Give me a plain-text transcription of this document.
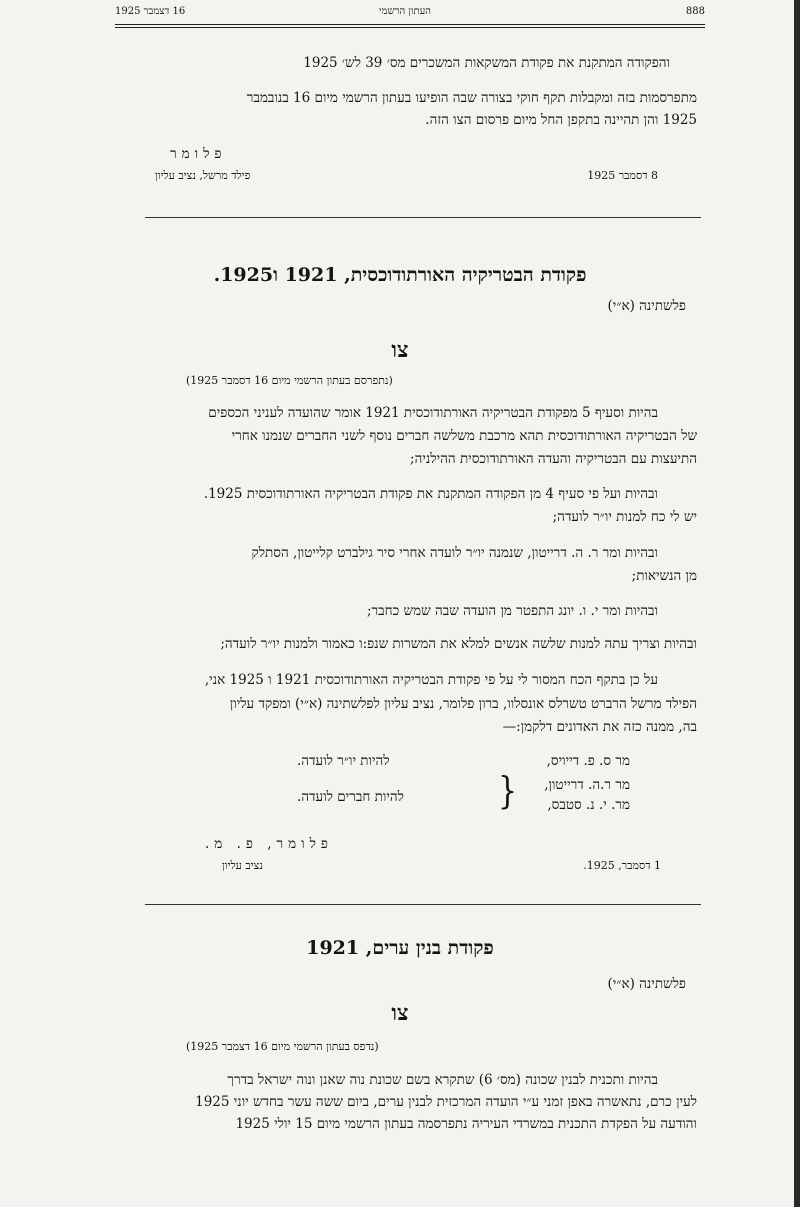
16 דצמבר 1925	העתון הרשמי	888
והפקודה המתקנת את פקודת המשקאות המשכרים מס׳ 39 לש׳ 1925
מתפרסמות בזה ומקבלות תקף חוקי בצורה שבה הופיעו בעתון הרשמי מיום 16 בנובמבר
1925 והן תהיינה בתקפן החל מיום פרסום הצו הזה.
פלומר
פילד מרשל, נציב עליון	8 דסמבר 1925
פקודת הבטריקיה האורתודוכסית, 1921 ו1925.
פלשתינה (א״י)
צו
(נתפרסם בעתון הרשמי מיום 16 דסמבר 1925)
בהיות וסעיף 5 מפקודת הבטריקיה האורתודוכסית 1921 אומר שהועדה לעניני הכספים
של הבטריקיה האורתודוכסית תהא מרכבת משלשה חברים נוסף לשני החברים שנמנו אחרי
התיעצות עם הבטריקיה והעדה האורתודוכסית ההילניה;
ובהיות ועל פי סעיף 4 מן הפקודה המתקנת את פקודת הבטריקיה האורתודוכסית 1925.
יש לי כח למנות יו״ר לועדה;
ובהיות ומר ר. ה. דרייטון, שנמנה יו״ר לועדה אחרי סיר גילברט קלייטון, הסתלק
מן הנשיאות;
ובהיות ומר י. ו. יונג התפטר מן הועדה שבה שמש כחבר;
ובהיות וצריך עתה למנות שלשה אנשים למלא את המשרות שנפ:ו כאמור ולמנות יו״ר לועדה;
על כן בתקף הכח המסור לי על פי פקודת הבטריקיה האורתודוכסית 1921 ו 1925 אני,
הפילד מרשל הרברט טשרלס אונסלוו, ברון פלומר, נציב עליון לפלשתינה (א״י) ומפקד עליון
בה, ממנה כזה את האדונים דלקמן:—
מר ס. פ. דייויס,
להיות יו״ר לועדה.
מר ר.ה. דרייטון,
מר. י. נ. סטבס,
{
להיות חברים לועדה.
פלומר, פ. מ.
נציב עליון	1 דסמבר, 1925.
פקודת בנין ערים, 1921
פלשתינה (א״י)
צו
(נדפס בעתון הרשמי מיום 16 דצמבר 1925)
בהיות ותכנית לבנין שכונה (מס׳ 6) שתקרא בשם שכונת נוה שאנן ונוה ישראל בדרך
לעין כרם, נתאשרה באפן זמני ע״י הועדה המרכזית לבנין ערים, ביום ששה עשר בחדש יוני 1925
והודעה על הפקדת התכנית במשרדי העיריה נתפרסמה בעתון הרשמי מיום 15 יולי 1925
